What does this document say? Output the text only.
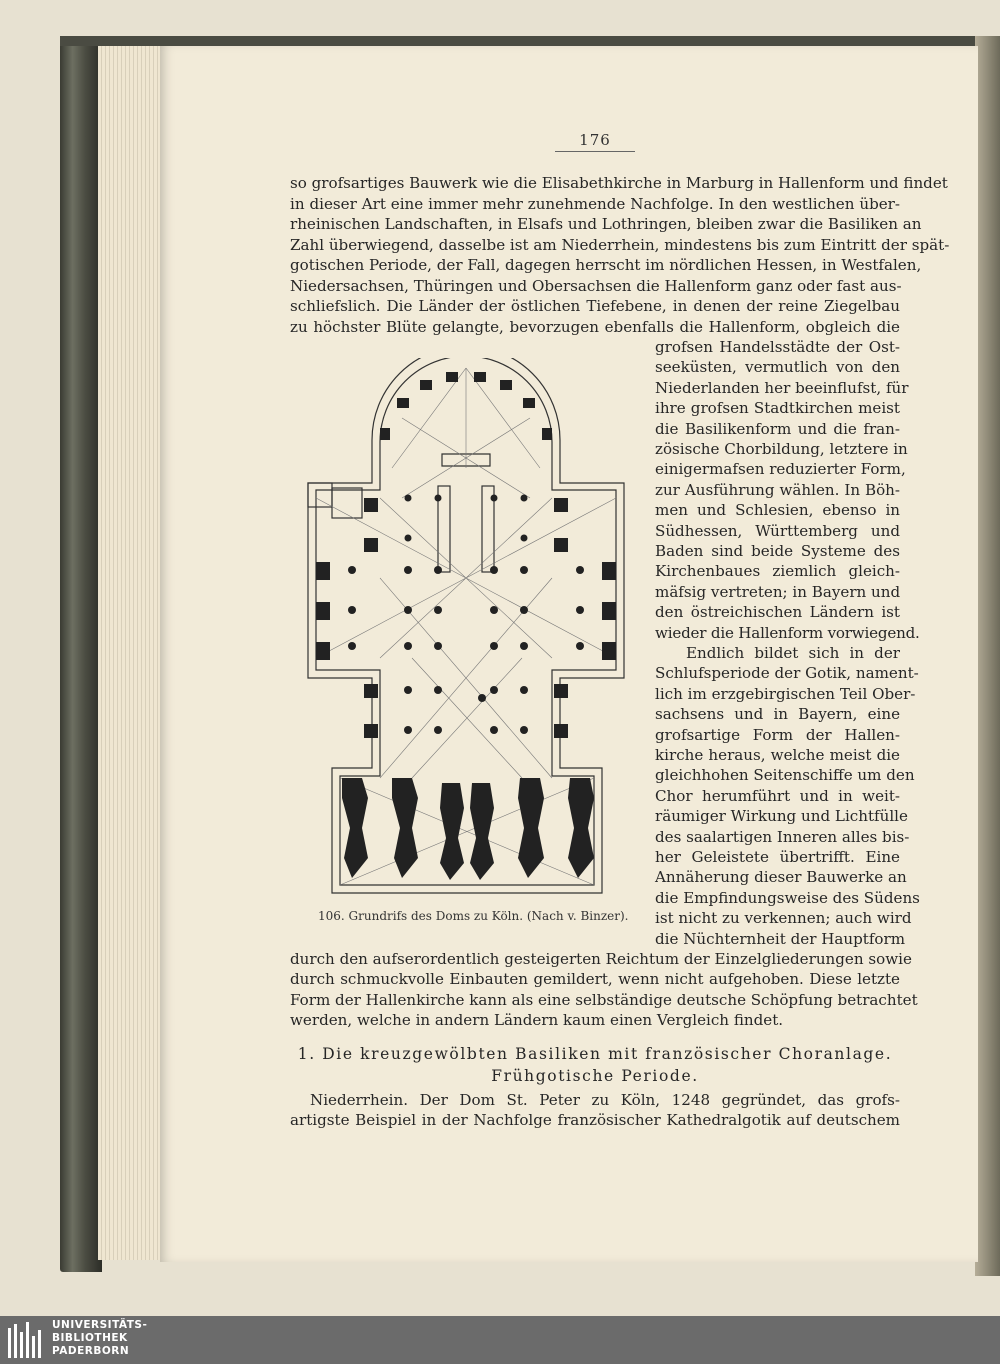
176
so grofsartiges Bauwerk wie die Elisabethkirche in Marburg in Hallenform und findet
in dieser Art eine immer mehr zunehmende Nachfolge. In den westlichen über-
rheinischen Landschaften, in Elsafs und Lothringen, bleiben zwar die Basiliken an
Zahl überwiegend, dasselbe ist am Niederrhein, mindestens bis zum Eintritt der spät-
gotischen Periode, der Fall, dagegen herrscht im nördlichen Hessen, in Westfalen,
Niedersachsen, Thüringen und Obersachsen die Hallenform ganz oder fast aus-
schliefslich. Die Länder der östlichen Tiefebene, in denen der reine Ziegelbau
zu höchster Blüte gelangte, bevorzugen ebenfalls die Hallenform, obgleich die
grofsen Handelsstädte der Ost-
seeküsten, vermutlich von den
Niederlanden her beeinflufst, für
ihre grofsen Stadtkirchen meist
die Basilikenform und die fran-
zösische Chorbildung, letztere in
einigermafsen reduzierter Form,
zur Ausführung wählen. In Böh-
men und Schlesien, ebenso in
Südhessen, Württemberg und
Baden sind beide Systeme des
Kirchenbaues ziemlich gleich-
mäfsig vertreten; in Bayern und
den östreichischen Ländern ist
wieder die Hallenform vorwiegend.
Endlich bildet sich in der
Schlufsperiode der Gotik, nament-
lich im erzgebirgischen Teil Ober-
sachsens und in Bayern, eine
grofsartige Form der Hallen-
kirche heraus, welche meist die
gleichhohen Seitenschiffe um den
Chor herumführt und in weit-
räumiger Wirkung und Lichtfülle
des saalartigen Inneren alles bis-
her Geleistete übertrifft. Eine
Annäherung dieser Bauwerke an
die Empfindungsweise des Südens
ist nicht zu verkennen; auch wird
die Nüchternheit der Hauptform
durch den aufserordentlich gesteigerten Reichtum der Einzelgliederungen sowie
durch schmuckvolle Einbauten gemildert, wenn nicht aufgehoben. Diese letzte
Form der Hallenkirche kann als eine selbständige deutsche Schöpfung betrachtet
werden, welche in andern Ländern kaum einen Vergleich findet.
1. Die kreuzgewölbten Basiliken mit französischer Choranlage.
Frühgotische Periode.
Niederrhein. Der Dom St. Peter zu Köln, 1248 gegründet, das grofs-
artigste Beispiel in der Nachfolge französischer Kathedralgotik auf deutschem
106. Grundrifs des Doms zu Köln. (Nach v. Binzer).
UNIVERSITÄTS-
BIBLIOTHEK
PADERBORN
